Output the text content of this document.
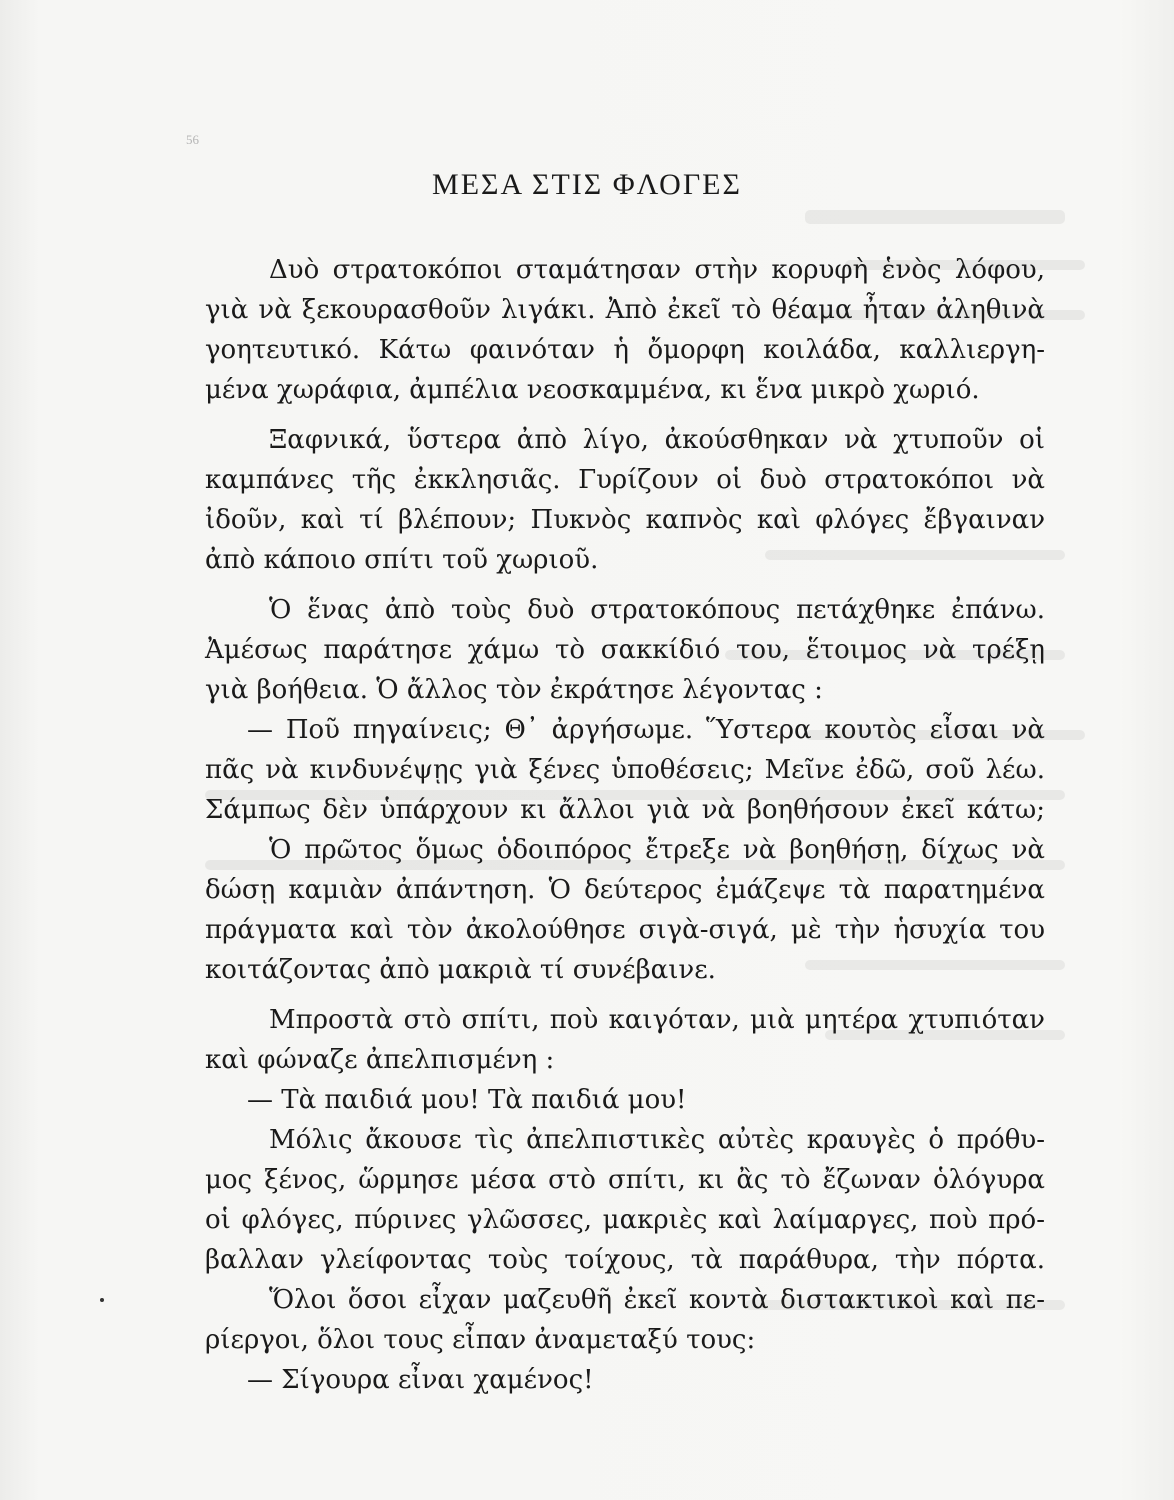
56
ΜΕΣΑ ΣΤΙΣ ΦΛΟΓΕΣ
Δυὸ στρατοκόποι σταμάτησαν στὴν κορυφὴ ἑνὸς λόφου,
γιὰ νὰ ξεκουρασθοῦν λιγάκι. Ἀπὸ ἐκεῖ τὸ θέαμα ἦταν ἀληθινὰ
γοητευτικό. Κάτω φαινόταν ἡ ὄμορφη κοιλάδα, καλλιεργη-
μένα χωράφια, ἀμπέλια νεοσκαμμένα, κι ἕνα μικρὸ χωριό.
Ξαφνικά, ὕστερα ἀπὸ λίγο, ἀκούσθηκαν νὰ χτυποῦν οἱ
καμπάνες τῆς ἐκκλησιᾶς. Γυρίζουν οἱ δυὸ στρατοκόποι νὰ
ἰδοῦν, καὶ τί βλέπουν; Πυκνὸς καπνὸς καὶ φλόγες ἔβγαιναν
ἀπὸ κάποιο σπίτι τοῦ χωριοῦ.
Ὁ ἕνας ἀπὸ τοὺς δυὸ στρατοκόπους πετάχθηκε ἐπάνω.
Ἀμέσως παράτησε χάμω τὸ σακκίδιό του, ἕτοιμος νὰ τρέξῃ
γιὰ βοήθεια. Ὁ ἄλλος τὸν ἐκράτησε λέγοντας :
— Ποῦ πηγαίνεις; Θ᾽ ἀργήσωμε. Ὕστερα κουτὸς εἶσαι νὰ
πᾶς νὰ κινδυνέψῃς γιὰ ξένες ὑποθέσεις; Μεῖνε ἐδῶ, σοῦ λέω.
Σάμπως δὲν ὑπάρχουν κι ἄλλοι γιὰ νὰ βοηθήσουν ἐκεῖ κάτω;
Ὁ πρῶτος ὅμως ὁδοιπόρος ἔτρεξε νὰ βοηθήσῃ, δίχως νὰ
δώσῃ καμιὰν ἀπάντηση. Ὁ δεύτερος ἐμάζεψε τὰ παρατημένα
πράγματα καὶ τὸν ἀκολούθησε σιγὰ-σιγά, μὲ τὴν ἡσυχία του
κοιτάζοντας ἀπὸ μακριὰ τί συνέβαινε.
Μπροστὰ στὸ σπίτι, ποὺ καιγόταν, μιὰ μητέρα χτυπιόταν
καὶ φώναζε ἀπελπισμένη :
— Τὰ παιδιά μου! Τὰ παιδιά μου!
Μόλις ἄκουσε τὶς ἀπελπιστικὲς αὐτὲς κραυγὲς ὁ πρόθυ-
μος ξένος, ὥρμησε μέσα στὸ σπίτι, κι ἂς τὸ ἔζωναν ὁλόγυρα
οἱ φλόγες, πύρινες γλῶσσες, μακριὲς καὶ λαίμαργες, ποὺ πρό-
βαλλαν γλείφοντας τοὺς τοίχους, τὰ παράθυρα, τὴν πόρτα.
Ὅλοι ὅσοι εἶχαν μαζευθῆ ἐκεῖ κοντὰ διστακτικοὶ καὶ πε-
ρίεργοι, ὅλοι τους εἶπαν ἀναμεταξύ τους:
— Σίγουρα εἶναι χαμένος!
